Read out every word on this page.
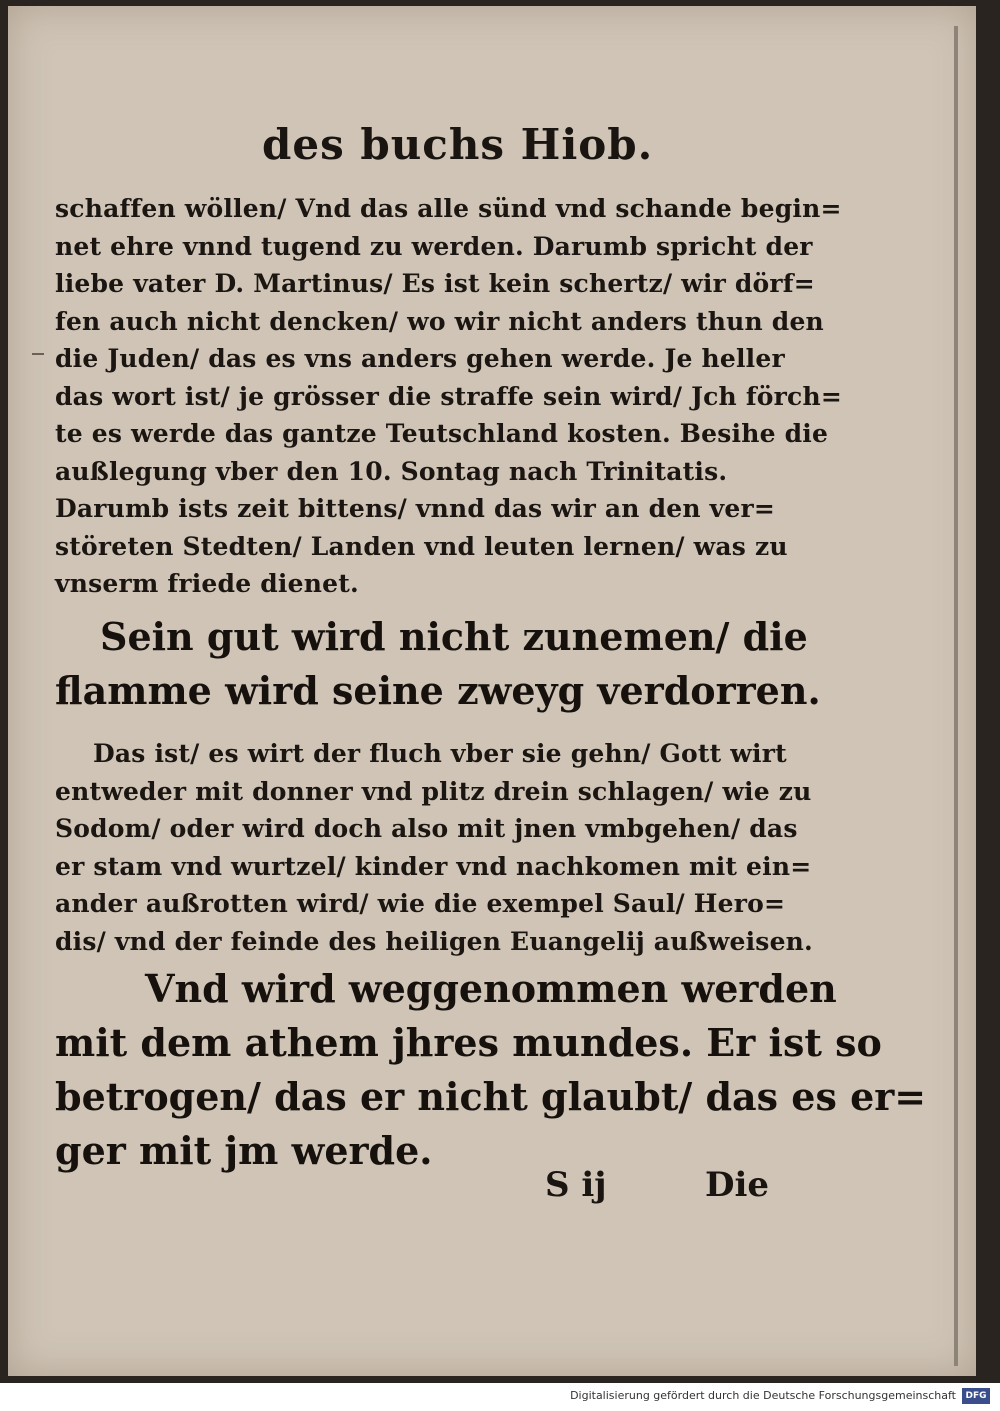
des buchs Hiob.
schaffen wöllen/ Vnd das alle sünd vnd schande begin=
net ehre vnnd tugend zu werden. Darumb spricht der
liebe vater D. Martinus/ Es ist kein schertz/ wir dörf=
fen auch nicht dencken/ wo wir nicht anders thun den
die Juden/ das es vns anders gehen werde. Je heller
das wort ist/ je grösser die straffe sein wird/ Jch förch=
te es werde das gantze Teutschland kosten. Besihe die
außlegung vber den 10. Sontag nach Trinitatis.
Darumb ists zeit bittens/ vnnd das wir an den ver=
störeten Stedten/ Landen vnd leuten lernen/ was zu
vnserm friede dienet.
Sein gut wird nicht zunemen/ die
flamme wird seine zweyg verdorren.
Das ist/ es wirt der fluch vber sie gehn/ Gott wirt
entweder mit donner vnd plitz drein schlagen/ wie zu
Sodom/ oder wird doch also mit jnen vmbgehen/ das
er stam vnd wurtzel/ kinder vnd nachkomen mit ein=
ander außrotten wird/ wie die exempel Saul/ Hero=
dis/ vnd der feinde des heiligen Euangelij außweisen.
Vnd wird weggenommen werden
mit dem athem jhres mundes. Er ist so
betrogen/ das er nicht glaubt/ das es er=
ger mit jm werde.
S ij	Die
Digitalisierung gefördert durch die Deutsche Forschungsgemeinschaft	DFG
